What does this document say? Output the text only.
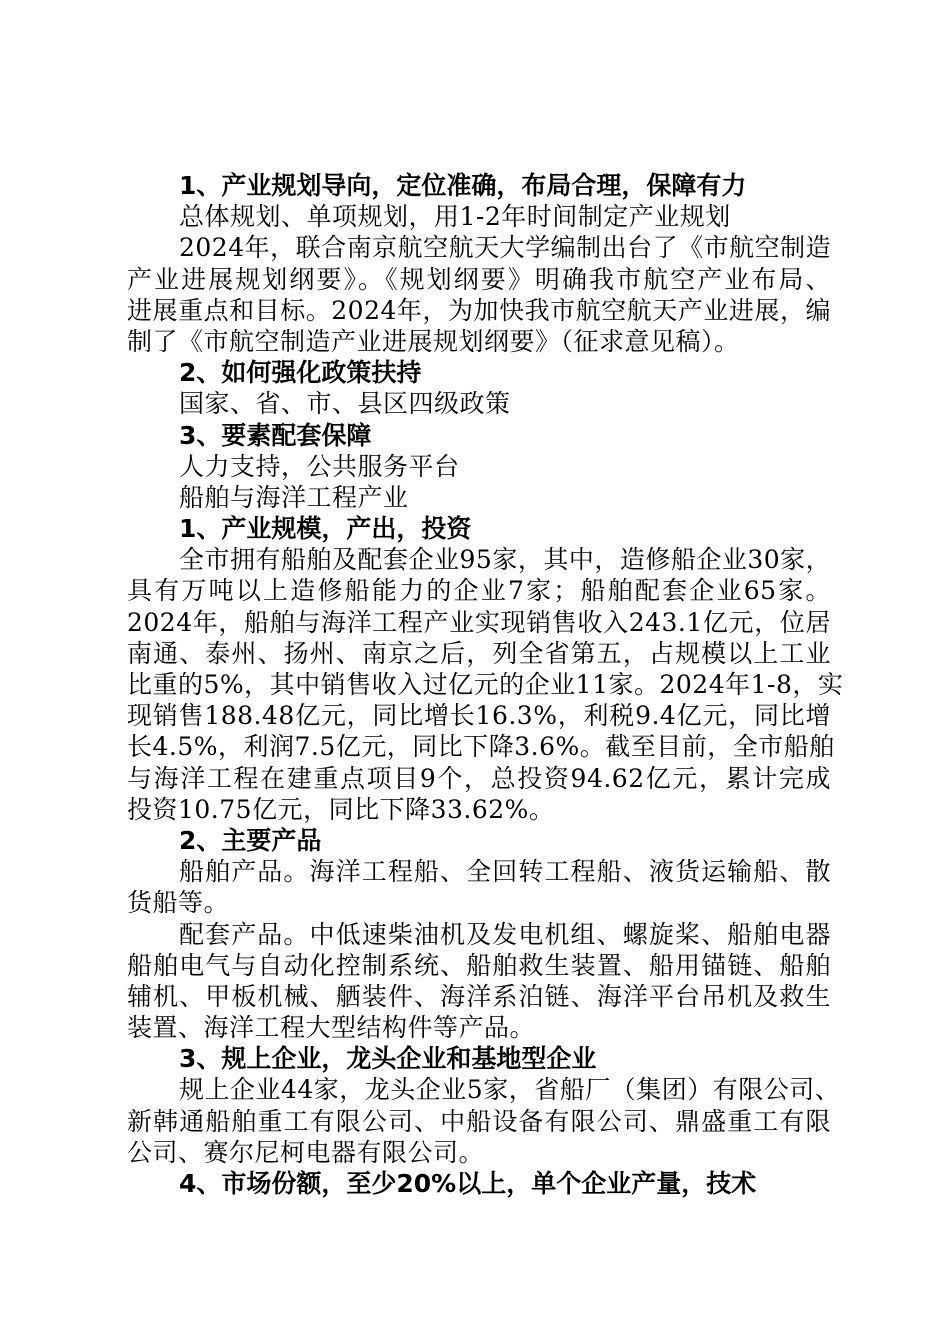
1、产业规划导向，定位准确，布局合理，保障有力
总体规划、单项规划，用1-2年时间制定产业规划
2024年，联合南京航空航天大学编制出台了《市航空制造
产业进展规划纲要》。《规划纲要》明确我市航空产业布局、
进展重点和目标。2024年，为加快我市航空航天产业进展，编
制了《市航空制造产业进展规划纲要》（征求意见稿）。
2、如何强化政策扶持
国家、省、市、县区四级政策
3、要素配套保障
人力支持，公共服务平台
船舶与海洋工程产业
1、产业规模，产出，投资
全市拥有船舶及配套企业95家，其中，造修船企业30家，
具有万吨以上造修船能力的企业7家；船舶配套企业65家。
2024年，船舶与海洋工程产业实现销售收入243.1亿元，位居
南通、泰州、扬州、南京之后，列全省第五，占规模以上工业
比重的5%，其中销售收入过亿元的企业11家。2024年1-8，实
现销售188.48亿元，同比增长16.3%，利税9.4亿元，同比增
长4.5%，利润7.5亿元，同比下降3.6%。截至目前，全市船舶
与海洋工程在建重点项目9个，总投资94.62亿元，累计完成
投资10.75亿元，同比下降33.62%。
2、主要产品
船舶产品。海洋工程船、全回转工程船、液货运输船、散
货船等。
配套产品。中低速柴油机及发电机组、螺旋桨、船舶电器
船舶电气与自动化控制系统、船舶救生装置、船用锚链、船舶
辅机、甲板机械、舾装件、海洋系泊链、海洋平台吊机及救生
装置、海洋工程大型结构件等产品。
3、规上企业，龙头企业和基地型企业
规上企业44家，龙头企业5家，省船厂（集团）有限公司、
新韩通船舶重工有限公司、中船设备有限公司、鼎盛重工有限
公司、赛尔尼柯电器有限公司。
4、市场份额，至少20%以上，单个企业产量，技术
